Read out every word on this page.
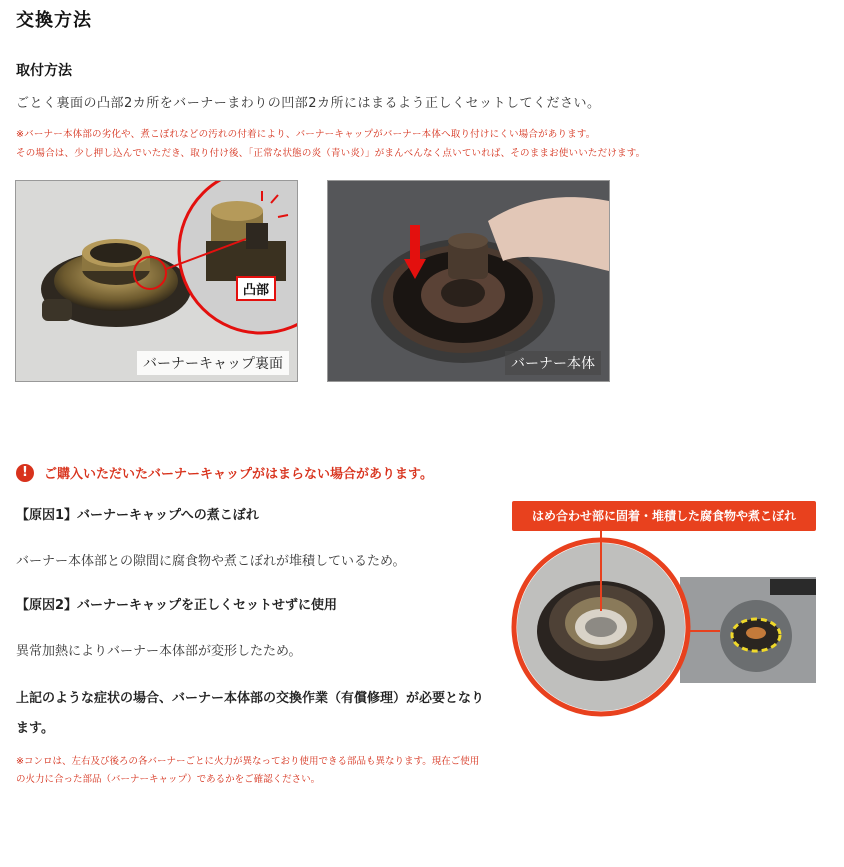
交換方法
取付方法
ごとく裏面の凸部2カ所をバーナーまわりの凹部2カ所にはまるよう正しくセットしてください。
※バーナー本体部の劣化や、煮こぼれなどの汚れの付着により、バーナーキャップがバーナー本体へ取り付けにくい場合があります。
その場合は、少し押し込んでいただき、取り付け後、「正常な状態の炎（青い炎）」がまんべんなく点いていれば、そのままお使いいただけます。
凸部
バーナーキャップ裏面	バーナー本体
!	ご購入いただいたバーナーキャップがはまらない場合があります。
【原因1】バーナーキャップへの煮こぼれ
バーナー本体部との隙間に腐食物や煮こぼれが堆積しているため。
【原因2】バーナーキャップを正しくセットせずに使用
異常加熱によりバーナー本体部が変形したため。
上記のような症状の場合、バーナー本体部の交換作業（有償修理）が必要となります。
※コンロは、左右及び後ろの各バーナーごとに火力が異なっており使用できる部品も異なります。現在ご使用の火力に合った部品（バーナーキャップ）であるかをご確認ください。
はめ合わせ部に固着・堆積した腐食物や煮こぼれ
